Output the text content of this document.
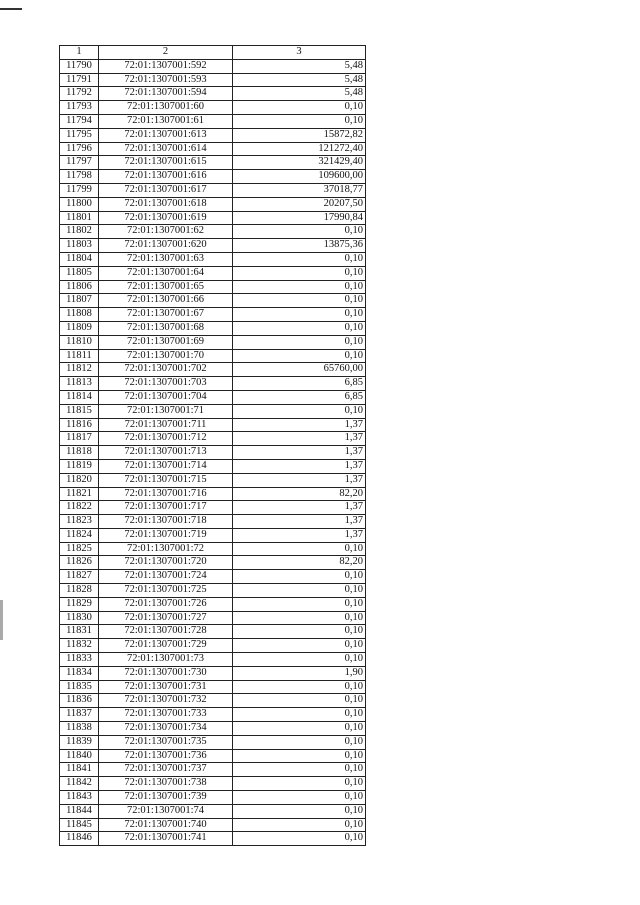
1	2	3
11790	72:01:1307001:592	5,48
11791	72:01:1307001:593	5,48
11792	72:01:1307001:594	5,48
11793	72:01:1307001:60	0,10
11794	72:01:1307001:61	0,10
11795	72:01:1307001:613	15872,82
11796	72:01:1307001:614	121272,40
11797	72:01:1307001:615	321429,40
11798	72:01:1307001:616	109600,00
11799	72:01:1307001:617	37018,77
11800	72:01:1307001:618	20207,50
11801	72:01:1307001:619	17990,84
11802	72:01:1307001:62	0,10
11803	72:01:1307001:620	13875,36
11804	72:01:1307001:63	0,10
11805	72:01:1307001:64	0,10
11806	72:01:1307001:65	0,10
11807	72:01:1307001:66	0,10
11808	72:01:1307001:67	0,10
11809	72:01:1307001:68	0,10
11810	72:01:1307001:69	0,10
11811	72:01:1307001:70	0,10
11812	72:01:1307001:702	65760,00
11813	72:01:1307001:703	6,85
11814	72:01:1307001:704	6,85
11815	72:01:1307001:71	0,10
11816	72:01:1307001:711	1,37
11817	72:01:1307001:712	1,37
11818	72:01:1307001:713	1,37
11819	72:01:1307001:714	1,37
11820	72:01:1307001:715	1,37
11821	72:01:1307001:716	82,20
11822	72:01:1307001:717	1,37
11823	72:01:1307001:718	1,37
11824	72:01:1307001:719	1,37
11825	72:01:1307001:72	0,10
11826	72:01:1307001:720	82,20
11827	72:01:1307001:724	0,10
11828	72:01:1307001:725	0,10
11829	72:01:1307001:726	0,10
11830	72:01:1307001:727	0,10
11831	72:01:1307001:728	0,10
11832	72:01:1307001:729	0,10
11833	72:01:1307001:73	0,10
11834	72:01:1307001:730	1,90
11835	72:01:1307001:731	0,10
11836	72:01:1307001:732	0,10
11837	72:01:1307001:733	0,10
11838	72:01:1307001:734	0,10
11839	72:01:1307001:735	0,10
11840	72:01:1307001:736	0,10
11841	72:01:1307001:737	0,10
11842	72:01:1307001:738	0,10
11843	72:01:1307001:739	0,10
11844	72:01:1307001:74	0,10
11845	72:01:1307001:740	0,10
11846	72:01:1307001:741	0,10
